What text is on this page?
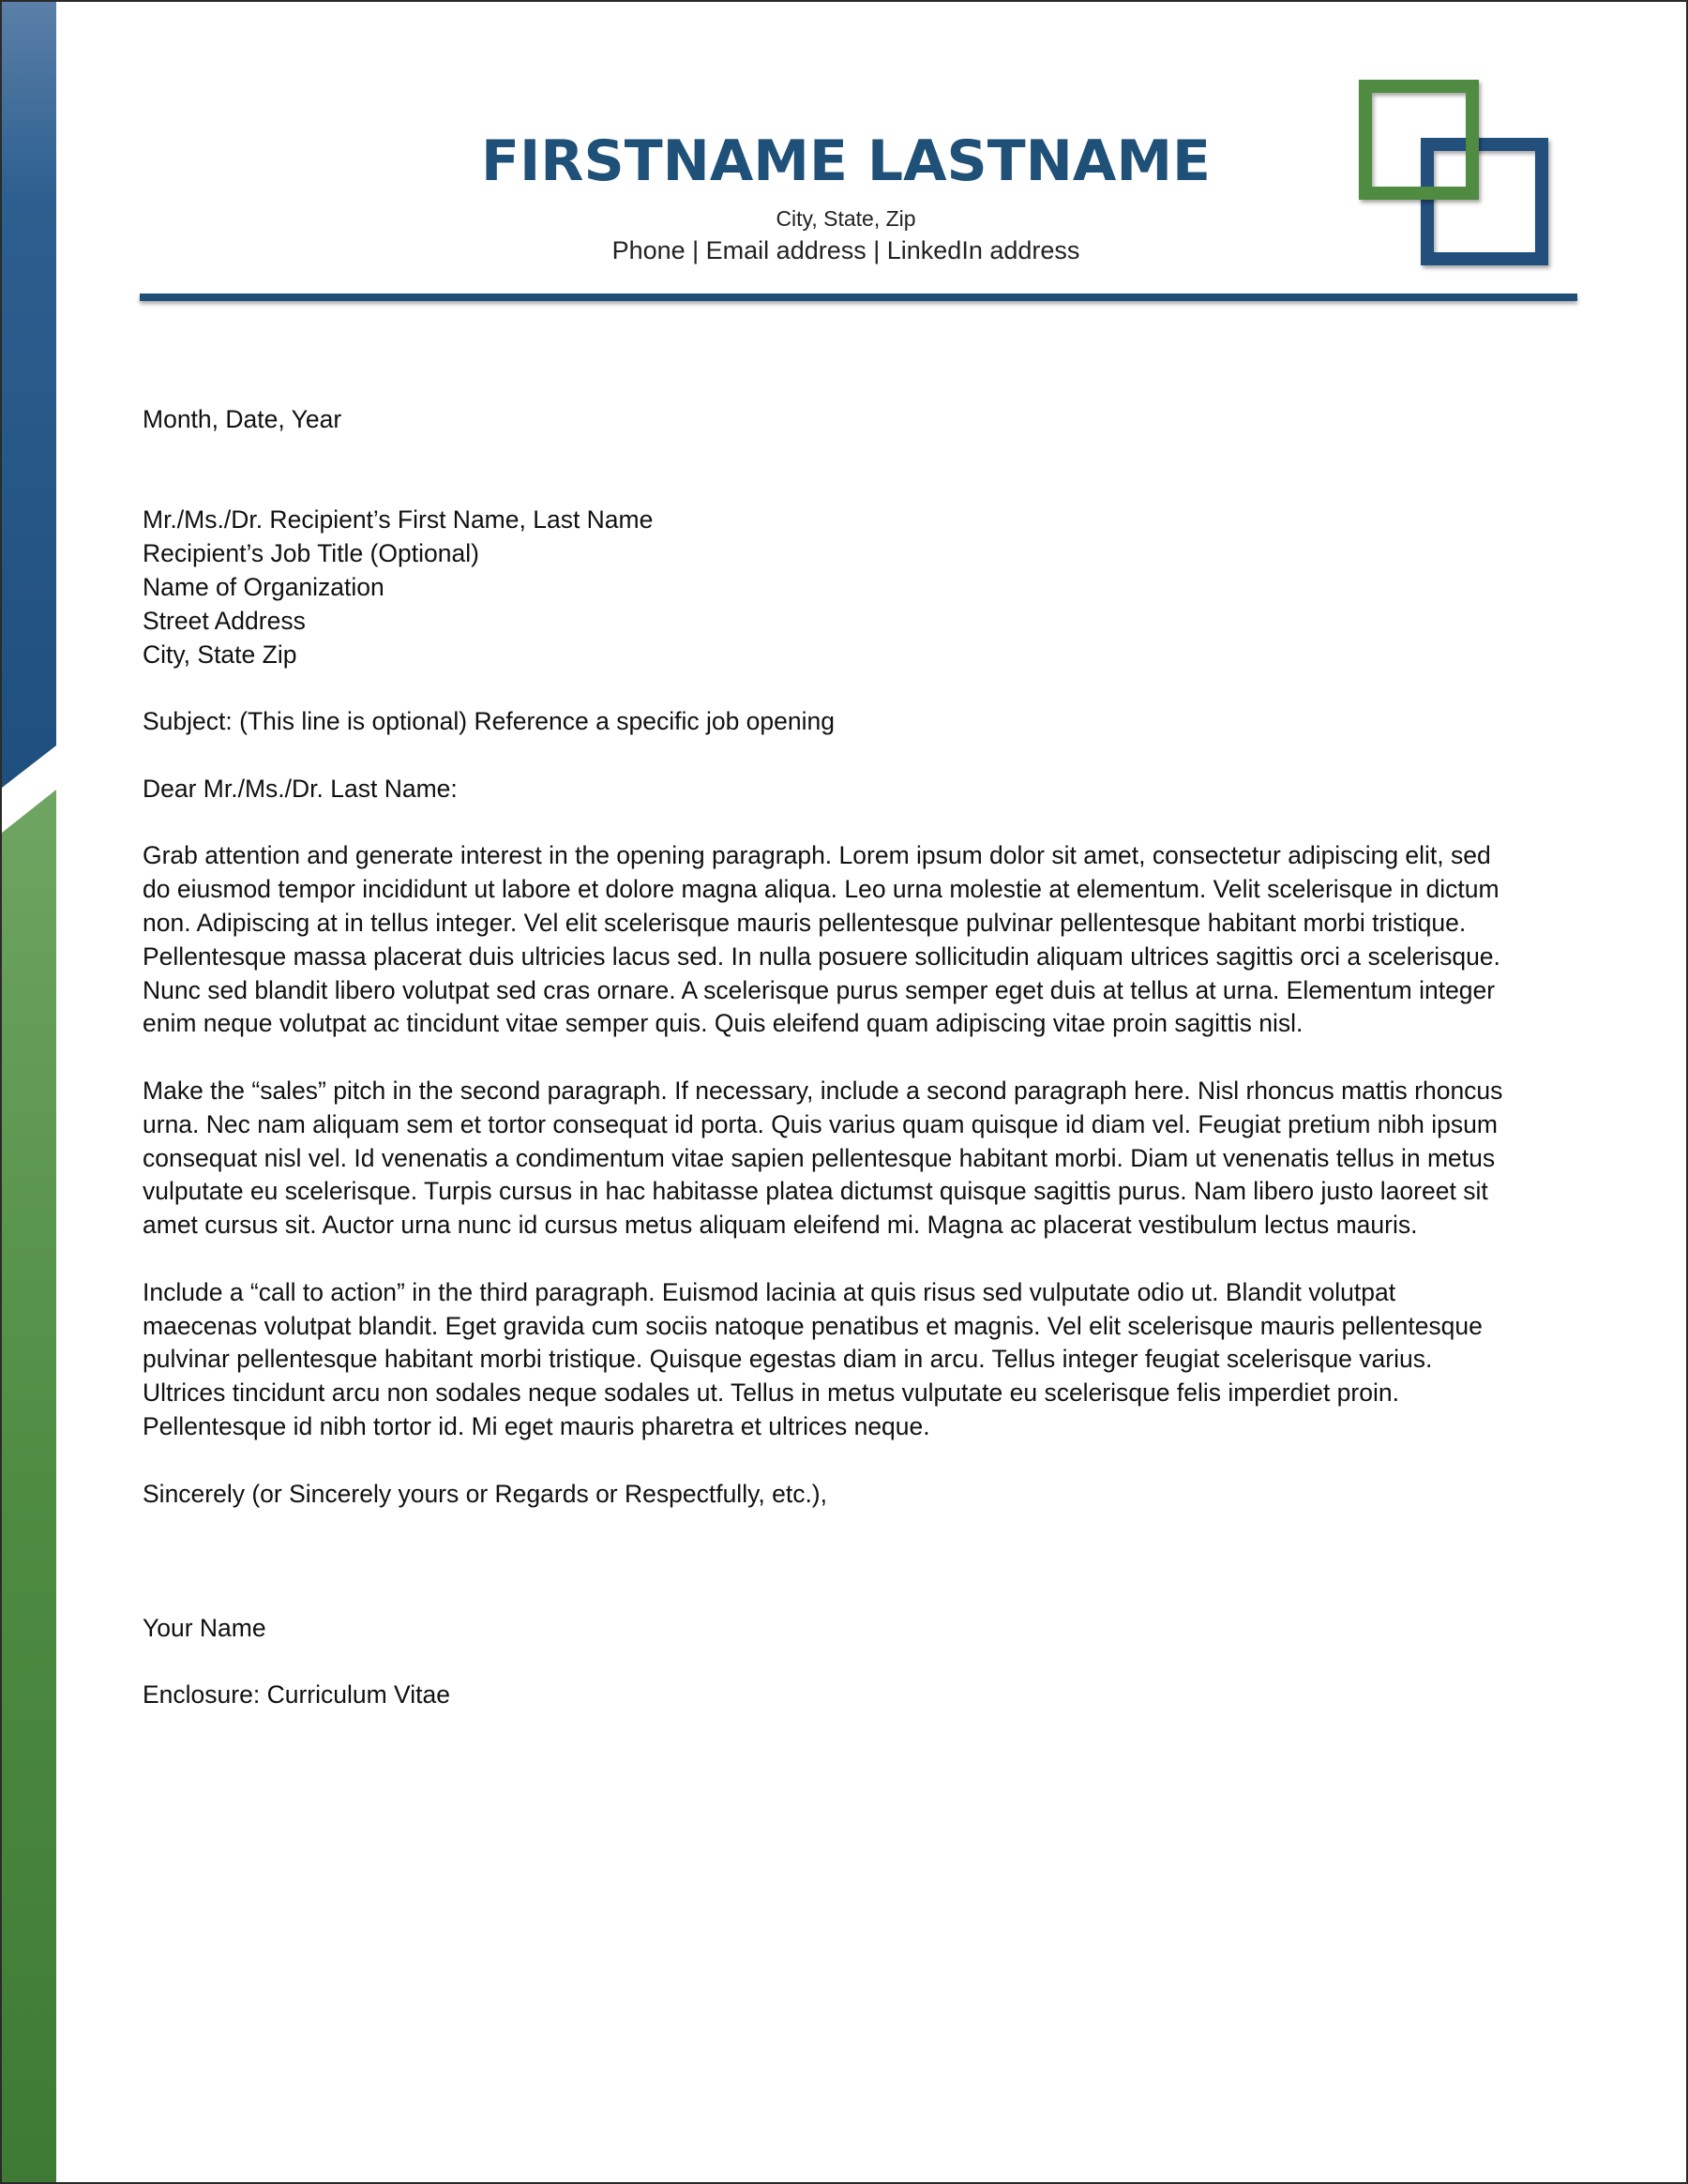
FIRSTNAME LASTNAME
City, State, Zip
Phone | Email address | LinkedIn address

Month, Date, Year

Mr./Ms./Dr. Recipient’s First Name, Last Name
Recipient’s Job Title (Optional)
Name of Organization
Street Address
City, State Zip

Subject: (This line is optional) Reference a specific job opening

Dear Mr./Ms./Dr. Last Name:

Grab attention and generate interest in the opening paragraph. Lorem ipsum dolor sit amet, consectetur adipiscing elit, sed
do eiusmod tempor incididunt ut labore et dolore magna aliqua. Leo urna molestie at elementum. Velit scelerisque in dictum
non. Adipiscing at in tellus integer. Vel elit scelerisque mauris pellentesque pulvinar pellentesque habitant morbi tristique.
Pellentesque massa placerat duis ultricies lacus sed. In nulla posuere sollicitudin aliquam ultrices sagittis orci a scelerisque.
Nunc sed blandit libero volutpat sed cras ornare. A scelerisque purus semper eget duis at tellus at urna. Elementum integer
enim neque volutpat ac tincidunt vitae semper quis. Quis eleifend quam adipiscing vitae proin sagittis nisl.

Make the “sales” pitch in the second paragraph. If necessary, include a second paragraph here. Nisl rhoncus mattis rhoncus
urna. Nec nam aliquam sem et tortor consequat id porta. Quis varius quam quisque id diam vel. Feugiat pretium nibh ipsum
consequat nisl vel. Id venenatis a condimentum vitae sapien pellentesque habitant morbi. Diam ut venenatis tellus in metus
vulputate eu scelerisque. Turpis cursus in hac habitasse platea dictumst quisque sagittis purus. Nam libero justo laoreet sit
amet cursus sit. Auctor urna nunc id cursus metus aliquam eleifend mi. Magna ac placerat vestibulum lectus mauris.

Include a “call to action” in the third paragraph. Euismod lacinia at quis risus sed vulputate odio ut. Blandit volutpat
maecenas volutpat blandit. Eget gravida cum sociis natoque penatibus et magnis. Vel elit scelerisque mauris pellentesque
pulvinar pellentesque habitant morbi tristique. Quisque egestas diam in arcu. Tellus integer feugiat scelerisque varius.
Ultrices tincidunt arcu non sodales neque sodales ut. Tellus in metus vulputate eu scelerisque felis imperdiet proin.
Pellentesque id nibh tortor id. Mi eget mauris pharetra et ultrices neque.

Sincerely (or Sincerely yours or Regards or Respectfully, etc.),

Your Name

Enclosure: Curriculum Vitae
